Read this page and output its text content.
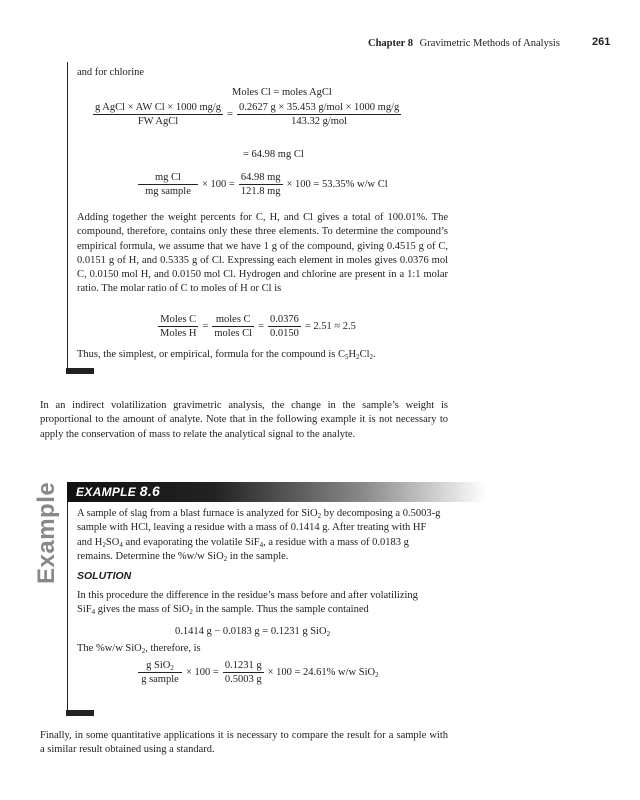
Chapter 8 Gravimetric Methods of Analysis	261
and for chlorine
Moles Cl = moles AgCl
$\frac{\text{g AgCl × AW Cl × 1000 mg/g}}{\text{FW AgCl}} = \frac{\text{0.2627 g × 35.453 g/mol × 1000 mg/g}}{\text{143.32 g/mol}}$
= 64.98 mg Cl
$\frac{\text{mg Cl}}{\text{mg sample}} \times 100 = \frac{64.98 mg}{121.8 mg} \times 100 = 53.35\%$ w/w Cl
Adding together the weight percents for C, H, and Cl gives a total of 100.01%. The compound, therefore, contains only these three elements. To determine the compound’s empirical formula, we assume that we have 1 g of the compound, giving 0.4515 g of C, 0.0151 g of H, and 0.5335 g of Cl. Expressing each element in moles gives 0.0376 mol C, 0.0150 mol H, and 0.0150 mol Cl. Hydrogen and chlorine are present in a 1:1 molar ratio. The molar ratio of C to moles of H or Cl is
$\frac{\text{Moles C}}{\text{Moles H}} = \frac{\text{moles C}}{\text{moles Cl}} = \frac{0.0376}{0.0150} = 2.51 \approx 2.5$
Thus, the simplest, or empirical, formula for the compound is $C_5H_2Cl_2$.
In an indirect volatilization gravimetric analysis, the change in the sample’s weight is proportional to the amount of analyte. Note that in the following example it is not necessary to apply the conservation of mass to relate the analytical signal to the analyte.
EXAMPLE 8.6
Example A sample of slag from a blast furnace is analyzed for SiO$_2$ by decomposing a 0.5003-g
sample with HCl, leaving a residue with a mass of 0.1414 g. After treating with HF
and $H_2SO_4$ and evaporating the volatile SiF$_4$, a residue with a mass of 0.0183 g
remains. Determine the %w/w SiO$_2$ in the sample.
SOLUTION
In this procedure the difference in the residue’s mass before and after volatilizing
SiF$_4$ gives the mass of SiO$_2$ in the sample. Thus the sample contained
0.1414 g − 0.0183 g = 0.1231 g SiO$_2$
The %w/w SiO$_2$, therefore, is
$\frac{g SiO_2}{\text{g sample}} \times 100 = \frac{0.1231 g}{0.5003 g} \times 100 = 24.61\%$ w/w SiO$_2$
Finally, in some quantitative applications it is necessary to compare the result for a sample with a similar result obtained using a standard.
